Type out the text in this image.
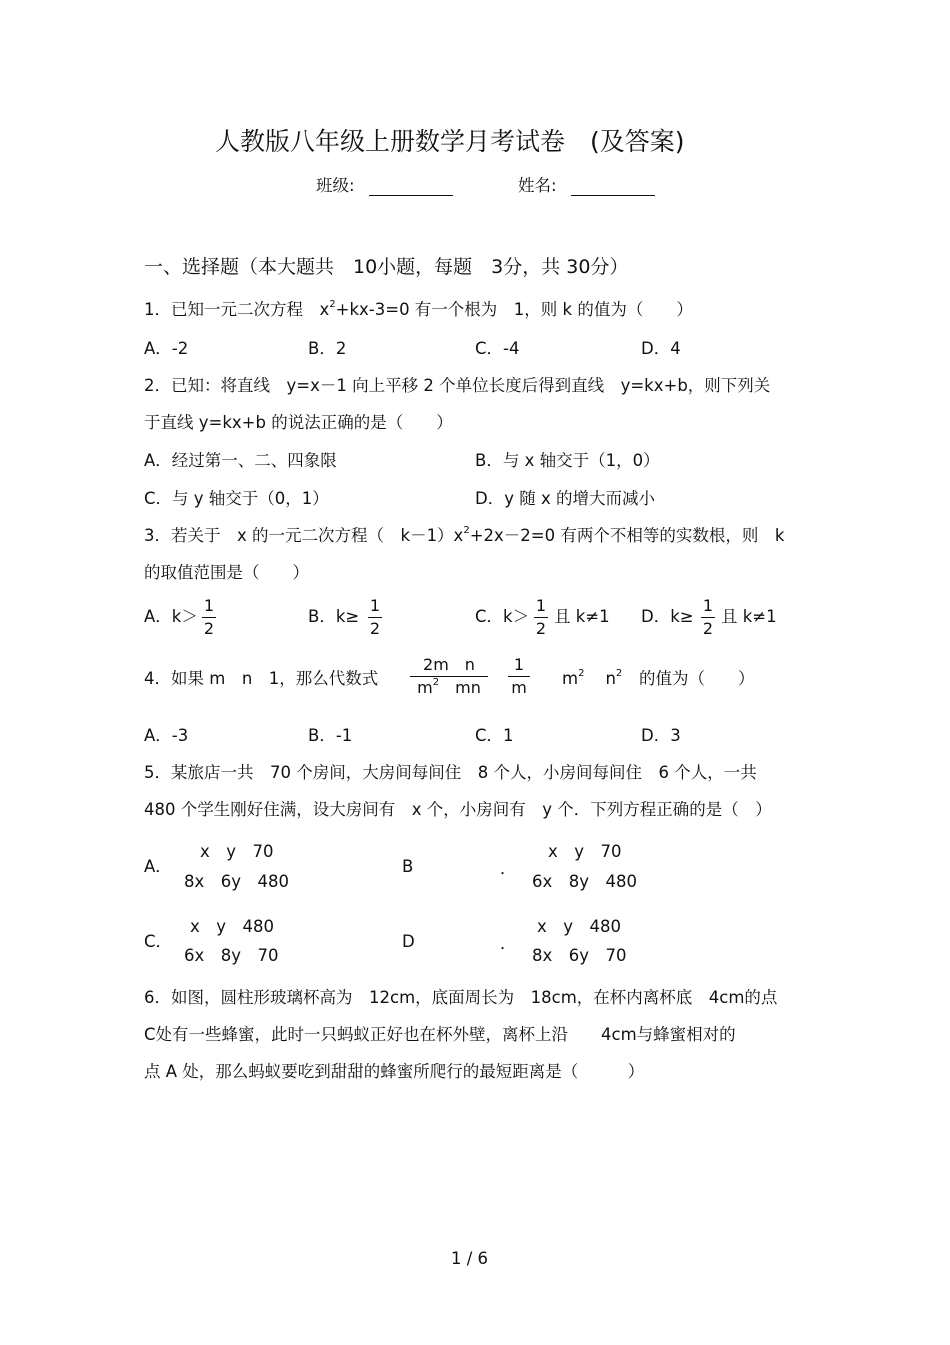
人教版八年级上册数学月考试卷　(及答案)
班级:	姓名:
一、选择题（本大题共　10小题，每题　3分，共 30分）
1．已知一元二次方程　$x^2+kx-3=0$ 有一个根为　1，则 k 的值为（　　）
A．-2	B．2	C．-4	D．4
2．已知：将直线　y=x－1 向上平移 2 个单位长度后得到直线　y=kx+b，则下列关
于直线 y=kx+b 的说法正确的是（　　）
A．经过第一、二、四象限	B．与 x 轴交于（1，0）
C．与 y 轴交于（0，1）	D．y 随 x 的增大而减小
3．若关于　x 的一元二次方程（　$k-1)x^2+2x-2=0$ 有两个不相等的实数根，则　k
的取值范围是（　　）
A．k＞
1
2
B．k≥
1
2
C．k＞
1
2
且 k≠1 D．k≥
1
2
且 k≠1
4．如果 m　n　1，那么代数式
2m　n
$m^2$　mn
1
m $m^2$ $n^2$ 的值为（　　）
A．-3	B．-1	C．1	D．3
5．某旅店一共　70 个房间，大房间每间住　8 个人，小房间每间住　6 个人，一共
480 个学生刚好住满，设大房间有　x 个，小房间有　y 个．下列方程正确的是（　）
A．
x　y　70
8x　6y　480
B	．
x　y　70
6x　8y　480
C．
x　y　480
6x　8y　70
D	．
x　y　480
8x　6y　70
6．如图，圆柱形玻璃杯高为　12cm，底面周长为　18cm，在杯内离杯底　4cm的点
C处有一些蜂蜜，此时一只蚂蚁正好也在杯外壁，离杯上沿　　4cm与蜂蜜相对的
点 A 处，那么蚂蚁要吃到甜甜的蜂蜜所爬行的最短距离是（　　　）
1 / 6
